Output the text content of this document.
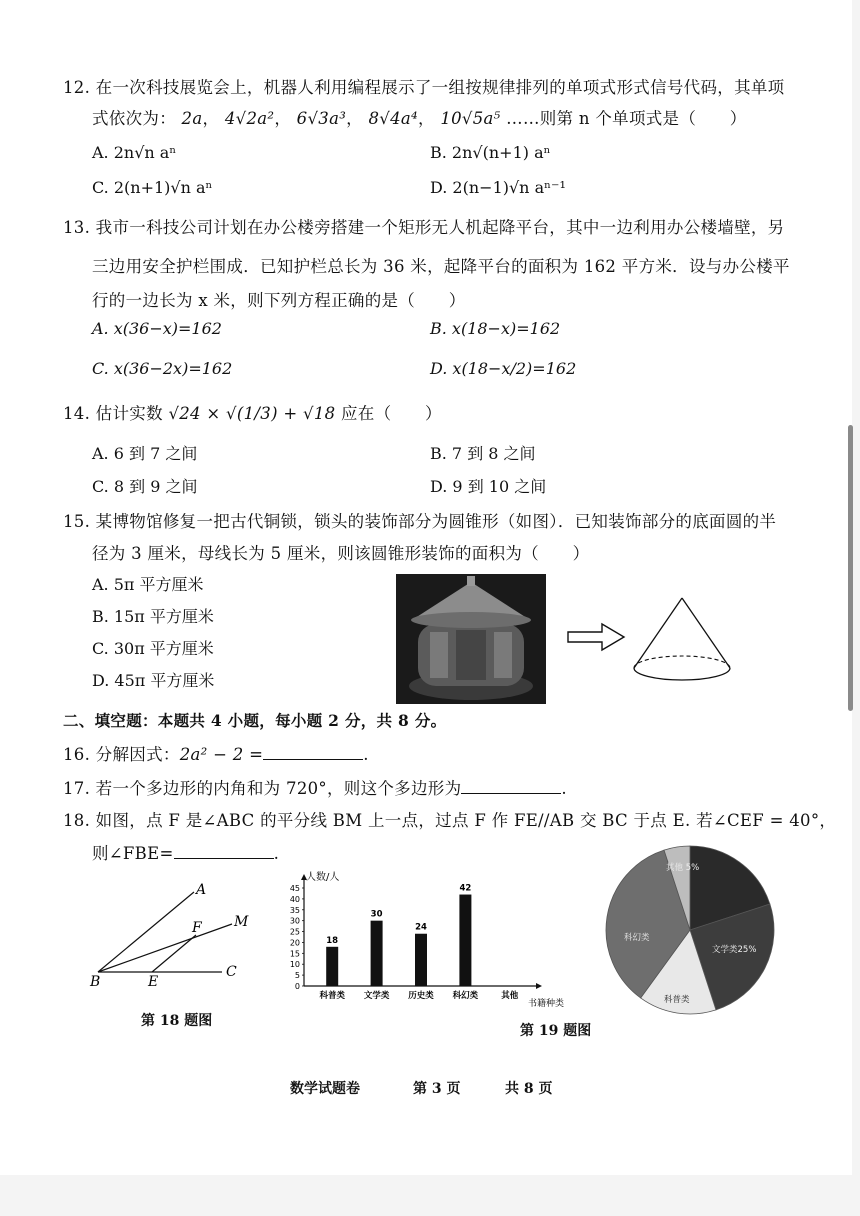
12. 在一次科技展览会上，机器人利用编程展示了一组按规律排列的单项式形式信号代码，其单项
式依次为： 2a， 4√2a²， 6√3a³， 8√4a⁴， 10√5a⁵ ……则第 n 个单项式是（　　）
A. 2n√n aⁿ	B. 2n√(n+1) aⁿ
C. 2(n+1)√n aⁿ	D. 2(n−1)√n aⁿ⁻¹
13. 我市一科技公司计划在办公楼旁搭建一个矩形无人机起降平台，其中一边利用办公楼墙壁，另
三边用安全护栏围成．已知护栏总长为 36 米，起降平台的面积为 162 平方米．设与办公楼平
行的一边长为 x 米，则下列方程正确的是（　　）
A. x(36−x)=162	B. x(18−x)=162
C. x(36−2x)=162	D. x(18−x/2)=162
14. 估计实数 √24 × √(1/3) + √18 应在（　　）
A. 6 到 7 之间	B. 7 到 8 之间
C. 8 到 9 之间	D. 9 到 10 之间
15. 某博物馆修复一把古代铜锁，锁头的装饰部分为圆锥形（如图）．已知装饰部分的底面圆的半
径为 3 厘米，母线长为 5 厘米，则该圆锥形装饰的面积为（　　）
A. 5π 平方厘米
B. 15π 平方厘米
C. 30π 平方厘米
D. 45π 平方厘米
二、填空题：本题共 4 小题，每小题 2 分，共 8 分。
16. 分解因式：2a² − 2 =	.
17. 若一个多边形的内角和为 720°，则这个多边形为	.
18. 如图，点 F 是∠ABC 的平分线 BM 上一点，过点 F 作 FE//AB 交 BC 于点 E. 若∠CEF = 40°，
则∠FBE=	.
A
F M
B	E
C
第 18 题图
人数/人
书籍种类
0
5
10
15
20
25
30
35
40
45
18
科普类
30
文学类
24
历史类
42
科幻类	其他
其他 5%
文学类25%
科普类
科幻类
第 19 题图
数学试题卷	第 3 页	共 8 页
